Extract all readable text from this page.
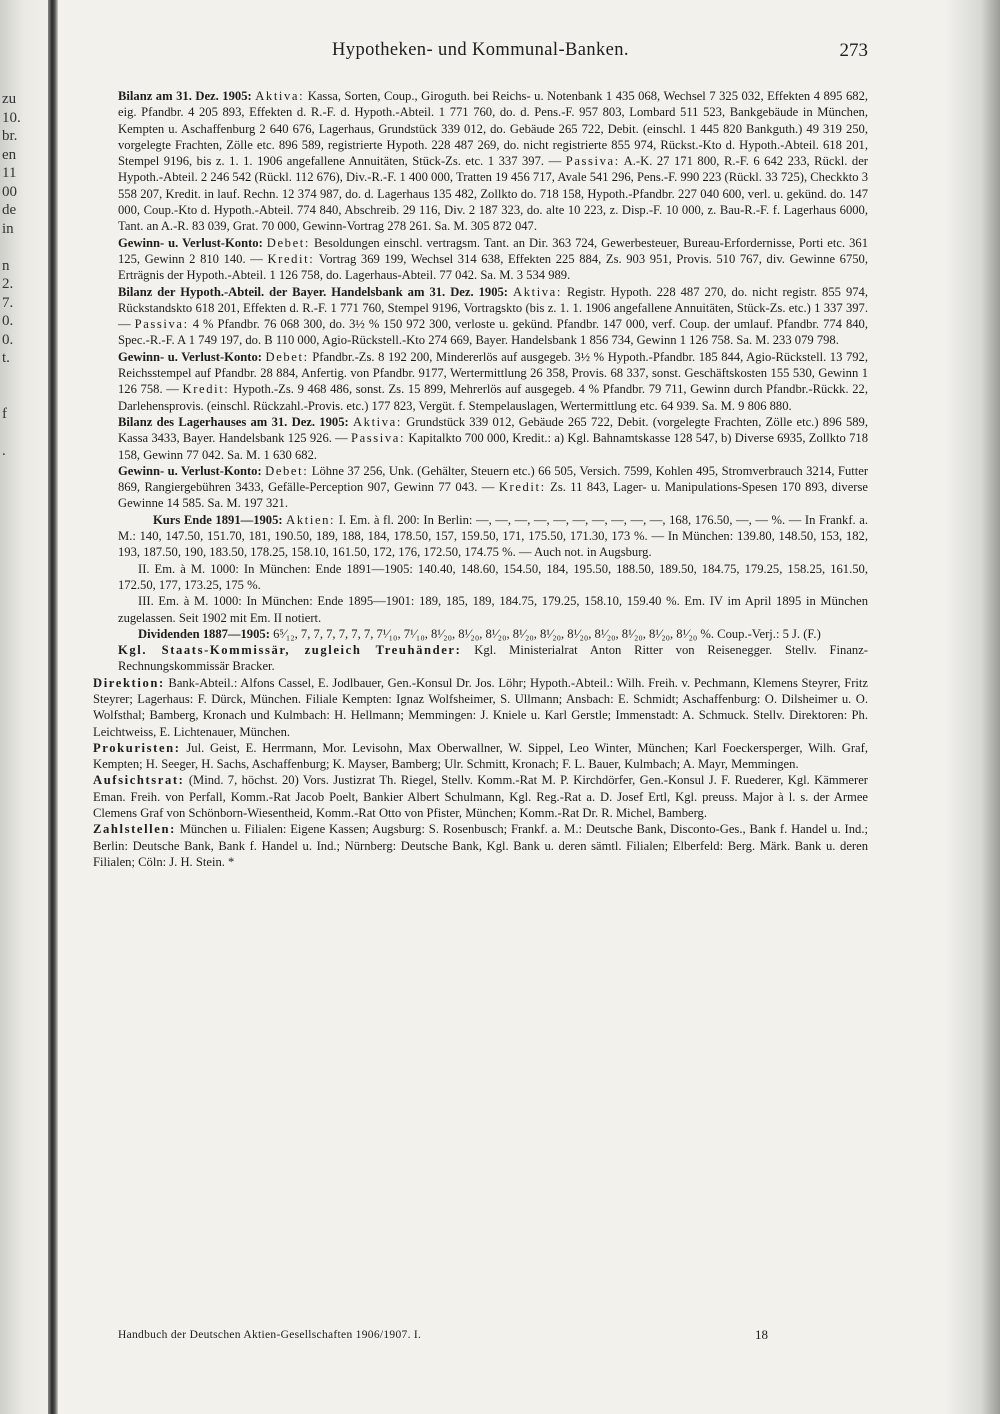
zu
10.
br.
en
11
00
de
in
n
2.
7.
0.
0.
t.
f
.
Hypotheken- und Kommunal-Banken.	273

Bilanz am 31. Dez. 1905: Aktiva: Kassa, Sorten, Coup., Giroguth. bei Reichs- u. Notenbank 1 435 068, Wechsel 7 325 032, Effekten 4 895 682, eig. Pfandbr. 4 205 893, Effekten d. R.-F. d. Hypoth.-Abteil. 1 771 760, do. d. Pens.-F. 957 803, Lombard 511 523, Bankgebäude in München, Kempten u. Aschaffenburg 2 640 676, Lagerhaus, Grundstück 339 012, do. Gebäude 265 722, Debit. (einschl. 1 445 820 Bankguth.) 49 319 250, vorgelegte Frachten, Zölle etc. 896 589, registrierte Hypoth. 228 487 269, do. nicht registrierte 855 974, Rückst.-Kto d. Hypoth.-Abteil. 618 201, Stempel 9196, bis z. 1. 1. 1906 angefallene Annuitäten, Stück-Zs. etc. 1 337 397. — Passiva: A.-K. 27 171 800, R.-F. 6 642 233, Rückl. der Hypoth.-Abteil. 2 246 542 (Rückl. 112 676), Div.-R.-F. 1 400 000, Tratten 19 456 717, Avale 541 296, Pens.-F. 990 223 (Rückl. 33 725), Checkkto 3 558 207, Kredit. in lauf. Rechn. 12 374 987, do. d. Lagerhaus 135 482, Zollkto do. 718 158, Hypoth.-Pfandbr. 227 040 600, verl. u. gekünd. do. 147 000, Coup.-Kto d. Hypoth.-Abteil. 774 840, Abschreib. 29 116, Div. 2 187 323, do. alte 10 223, z. Disp.-F. 10 000, z. Bau-R.-F. f. Lagerhaus 6000, Tant. an A.-R. 83 039, Grat. 70 000, Gewinn-Vortrag 278 261. Sa. M. 305 872 047.

Gewinn- u. Verlust-Konto: Debet: Besoldungen einschl. vertragsm. Tant. an Dir. 363 724, Gewerbesteuer, Bureau-Erfordernisse, Porti etc. 361 125, Gewinn 2 810 140. — Kredit: Vortrag 369 199, Wechsel 314 638, Effekten 225 884, Zs. 903 951, Provis. 510 767, div. Gewinne 6750, Erträgnis der Hypoth.-Abteil. 1 126 758, do. Lagerhaus-Abteil. 77 042. Sa. M. 3 534 989.

Bilanz der Hypoth.-Abteil. der Bayer. Handelsbank am 31. Dez. 1905: Aktiva: Registr. Hypoth. 228 487 270, do. nicht registr. 855 974, Rückstandskto 618 201, Effekten d. R.-F. 1 771 760, Stempel 9196, Vortragskto (bis z. 1. 1. 1906 angefallene Annuitäten, Stück-Zs. etc.) 1 337 397. — Passiva: 4 % Pfandbr. 76 068 300, do. 3½ % 150 972 300, verloste u. gekünd. Pfandbr. 147 000, verf. Coup. der umlauf. Pfandbr. 774 840, Spec.-R.-F. A 1 749 197, do. B 110 000, Agio-Rückstell.-Kto 274 669, Bayer. Handelsbank 1 856 734, Gewinn 1 126 758. Sa. M. 233 079 798.

Gewinn- u. Verlust-Konto: Debet: Pfandbr.-Zs. 8 192 200, Mindererlös auf ausgegeb. 3½ % Hypoth.-Pfandbr. 185 844, Agio-Rückstell. 13 792, Reichsstempel auf Pfandbr. 28 884, Anfertig. von Pfandbr. 9177, Wertermittlung 26 358, Provis. 68 337, sonst. Geschäftskosten 155 530, Gewinn 1 126 758. — Kredit: Hypoth.-Zs. 9 468 486, sonst. Zs. 15 899, Mehrerlös auf ausgegeb. 4 % Pfandbr. 79 711, Gewinn durch Pfandbr.-Rückk. 22, Darlehensprovis. (einschl. Rückzahl.-Provis. etc.) 177 823, Vergüt. f. Stempelauslagen, Wertermittlung etc. 64 939. Sa. M. 9 806 880.

Bilanz des Lagerhauses am 31. Dez. 1905: Aktiva: Grundstück 339 012, Gebäude 265 722, Debit. (vorgelegte Frachten, Zölle etc.) 896 589, Kassa 3433, Bayer. Handelsbank 125 926. — Passiva: Kapitalkto 700 000, Kredit.: a) Kgl. Bahnamtskasse 128 547, b) Diverse 6935, Zollkto 718 158, Gewinn 77 042. Sa. M. 1 630 682.

Gewinn- u. Verlust-Konto: Debet: Löhne 37 256, Unk. (Gehälter, Steuern etc.) 66 505, Versich. 7599, Kohlen 495, Stromverbrauch 3214, Futter 869, Rangiergebühren 3433, Gefälle-Perception 907, Gewinn 77 043. — Kredit: Zs. 11 843, Lager- u. Manipulations-Spesen 170 893, diverse Gewinne 14 585. Sa. M. 197 321.

Kurs Ende 1891—1905: Aktien: I. Em. à fl. 200: In Berlin: —, —, —, —, —, —, —, —, —, —, 168, 176.50, —, — %. — In Frankf. a. M.: 140, 147.50, 151.70, 181, 190.50, 189, 188, 184, 178.50, 157, 159.50, 171, 175.50, 171.30, 173 %. — In München: 139.80, 148.50, 153, 182, 193, 187.50, 190, 183.50, 178.25, 158.10, 161.50, 172, 176, 172.50, 174.75 %. — Auch not. in Augsburg.

II. Em. à M. 1000: In München: Ende 1891—1905: 140.40, 148.60, 154.50, 184, 195.50, 188.50, 189.50, 184.75, 179.25, 158.25, 161.50, 172.50, 177, 173.25, 175 %.

III. Em. à M. 1000: In München: Ende 1895—1901: 189, 185, 189, 184.75, 179.25, 158.10, 159.40 %. Em. IV im April 1895 in München zugelassen. Seit 1902 mit Em. II notiert.

Dividenden 1887—1905: 6⁵⁄₁₂, 7, 7, 7, 7, 7, 7, 7¹⁄₁₀, 7¹⁄₁₀, 8¹⁄₂₀, 8¹⁄₂₀, 8¹⁄₂₀, 8¹⁄₂₀, 8¹⁄₂₀, 8¹⁄₂₀, 8¹⁄₂₀, 8¹⁄₂₀, 8¹⁄₂₀, 8¹⁄₂₀ %. Coup.-Verj.: 5 J. (F.)

Kgl. Staats-Kommissär, zugleich Treuhänder: Kgl. Ministerialrat Anton Ritter von Reisenegger. Stellv. Finanz-Rechnungskommissär Bracker.

Direktion: Bank-Abteil.: Alfons Cassel, E. Jodlbauer, Gen.-Konsul Dr. Jos. Löhr; Hypoth.-Abteil.: Wilh. Freih. v. Pechmann, Klemens Steyrer, Fritz Steyrer; Lagerhaus: F. Dürck, München. Filiale Kempten: Ignaz Wolfsheimer, S. Ullmann; Ansbach: E. Schmidt; Aschaffenburg: O. Dilsheimer u. O. Wolfsthal; Bamberg, Kronach und Kulmbach: H. Hellmann; Memmingen: J. Kniele u. Karl Gerstle; Immenstadt: A. Schmuck. Stellv. Direktoren: Ph. Leichtweiss, E. Lichtenauer, München.

Prokuristen: Jul. Geist, E. Herrmann, Mor. Levisohn, Max Oberwallner, W. Sippel, Leo Winter, München; Karl Foeckersperger, Wilh. Graf, Kempten; H. Seeger, H. Sachs, Aschaffenburg; K. Mayser, Bamberg; Ulr. Schmitt, Kronach; F. L. Bauer, Kulmbach; A. Mayr, Memmingen.

Aufsichtsrat: (Mind. 7, höchst. 20) Vors. Justizrat Th. Riegel, Stellv. Komm.-Rat M. P. Kirchdörfer, Gen.-Konsul J. F. Ruederer, Kgl. Kämmerer Eman. Freih. von Perfall, Komm.-Rat Jacob Poelt, Bankier Albert Schulmann, Kgl. Reg.-Rat a. D. Josef Ertl, Kgl. preuss. Major à l. s. der Armee Clemens Graf von Schönborn-Wiesentheid, Komm.-Rat Otto von Pfister, München; Komm.-Rat Dr. R. Michel, Bamberg.

Zahlstellen: München u. Filialen: Eigene Kassen; Augsburg: S. Rosenbusch; Frankf. a. M.: Deutsche Bank, Disconto-Ges., Bank f. Handel u. Ind.; Berlin: Deutsche Bank, Bank f. Handel u. Ind.; Nürnberg: Deutsche Bank, Kgl. Bank u. deren sämtl. Filialen; Elberfeld: Berg. Märk. Bank u. deren Filialen; Cöln: J. H. Stein. *

Handbuch der Deutschen Aktien-Gesellschaften 1906/1907. I.	18
